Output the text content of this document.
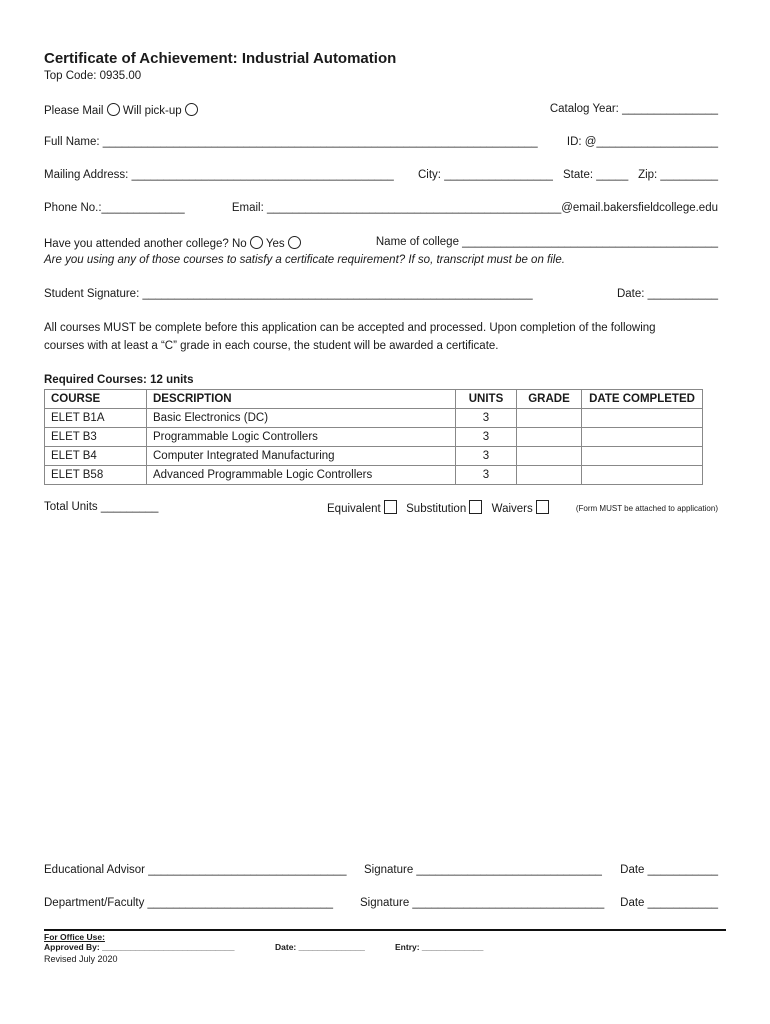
Certificate of Achievement: Industrial Automation
Top Code: 0935.00
Please Mail Will pick-up	Catalog Year: _______________
Full Name: ____________________________________________________________________	ID: @___________________
Mailing Address: _________________________________________ City: _________________ State: _____ Zip: _________
Phone No.:_____________	Email: ______________________________________________@email.bakersfieldcollege.edu
Have you attended another college? No Yes	Name of college ________________________________________
Are you using any of those courses to satisfy a certificate requirement? If so, transcript must be on file.
Student Signature: _____________________________________________________________	Date: ___________
All courses MUST be complete before this application can be accepted and processed. Upon completion of the following
courses with at least a “C” grade in each course, the student will be awarded a certificate.
Required Courses: 12 units
COURSE	DESCRIPTION	UNITS	GRADE	DATE COMPLETED
ELET B1A	Basic Electronics (DC)	3		
ELET B3	Programmable Logic Controllers	3		
ELET B4	Computer Integrated Manufacturing	3		
ELET B58	Advanced Programmable Logic Controllers	3		
Total Units _________	Equivalent Substitution Waivers	(Form MUST be attached to application)
Educational Advisor _______________________________ Signature _____________________________ Date ___________
Department/Faculty _____________________________ Signature ______________________________ Date ___________
For Office Use:
Approved By: ____________________________	Date: ______________	Entry: _____________
Revised July 2020
